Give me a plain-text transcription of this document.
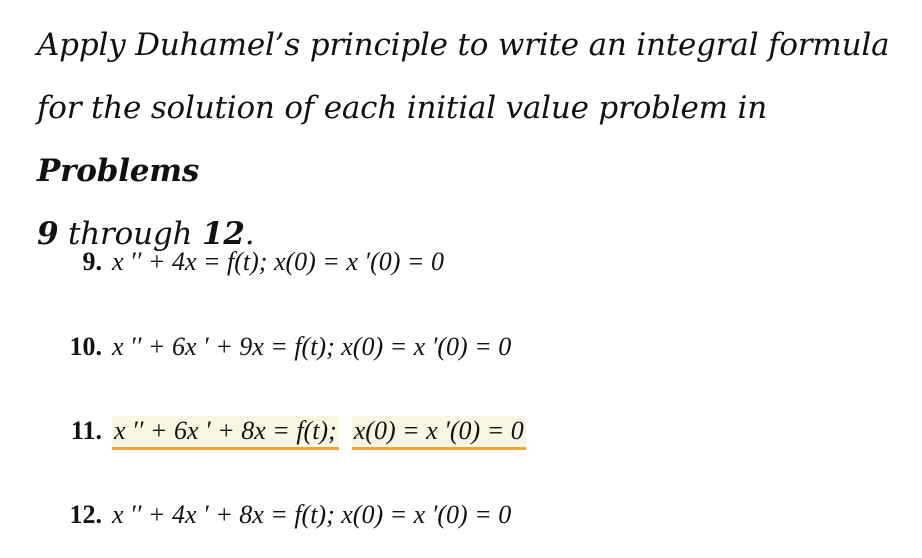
Apply Duhamel’s principle to write an integral formula for the solution of each initial value problem in Problems
9 through 12.
9. x ′′ + 4x = f(t); x(0) = x ′(0) = 0
10. x ′′ + 6x ′ + 9x = f(t); x(0) = x ′(0) = 0
11. x ′′ + 6x ′ + 8x = f(t); x(0) = x ′(0) = 0
12. x ′′ + 4x ′ + 8x = f(t); x(0) = x ′(0) = 0
